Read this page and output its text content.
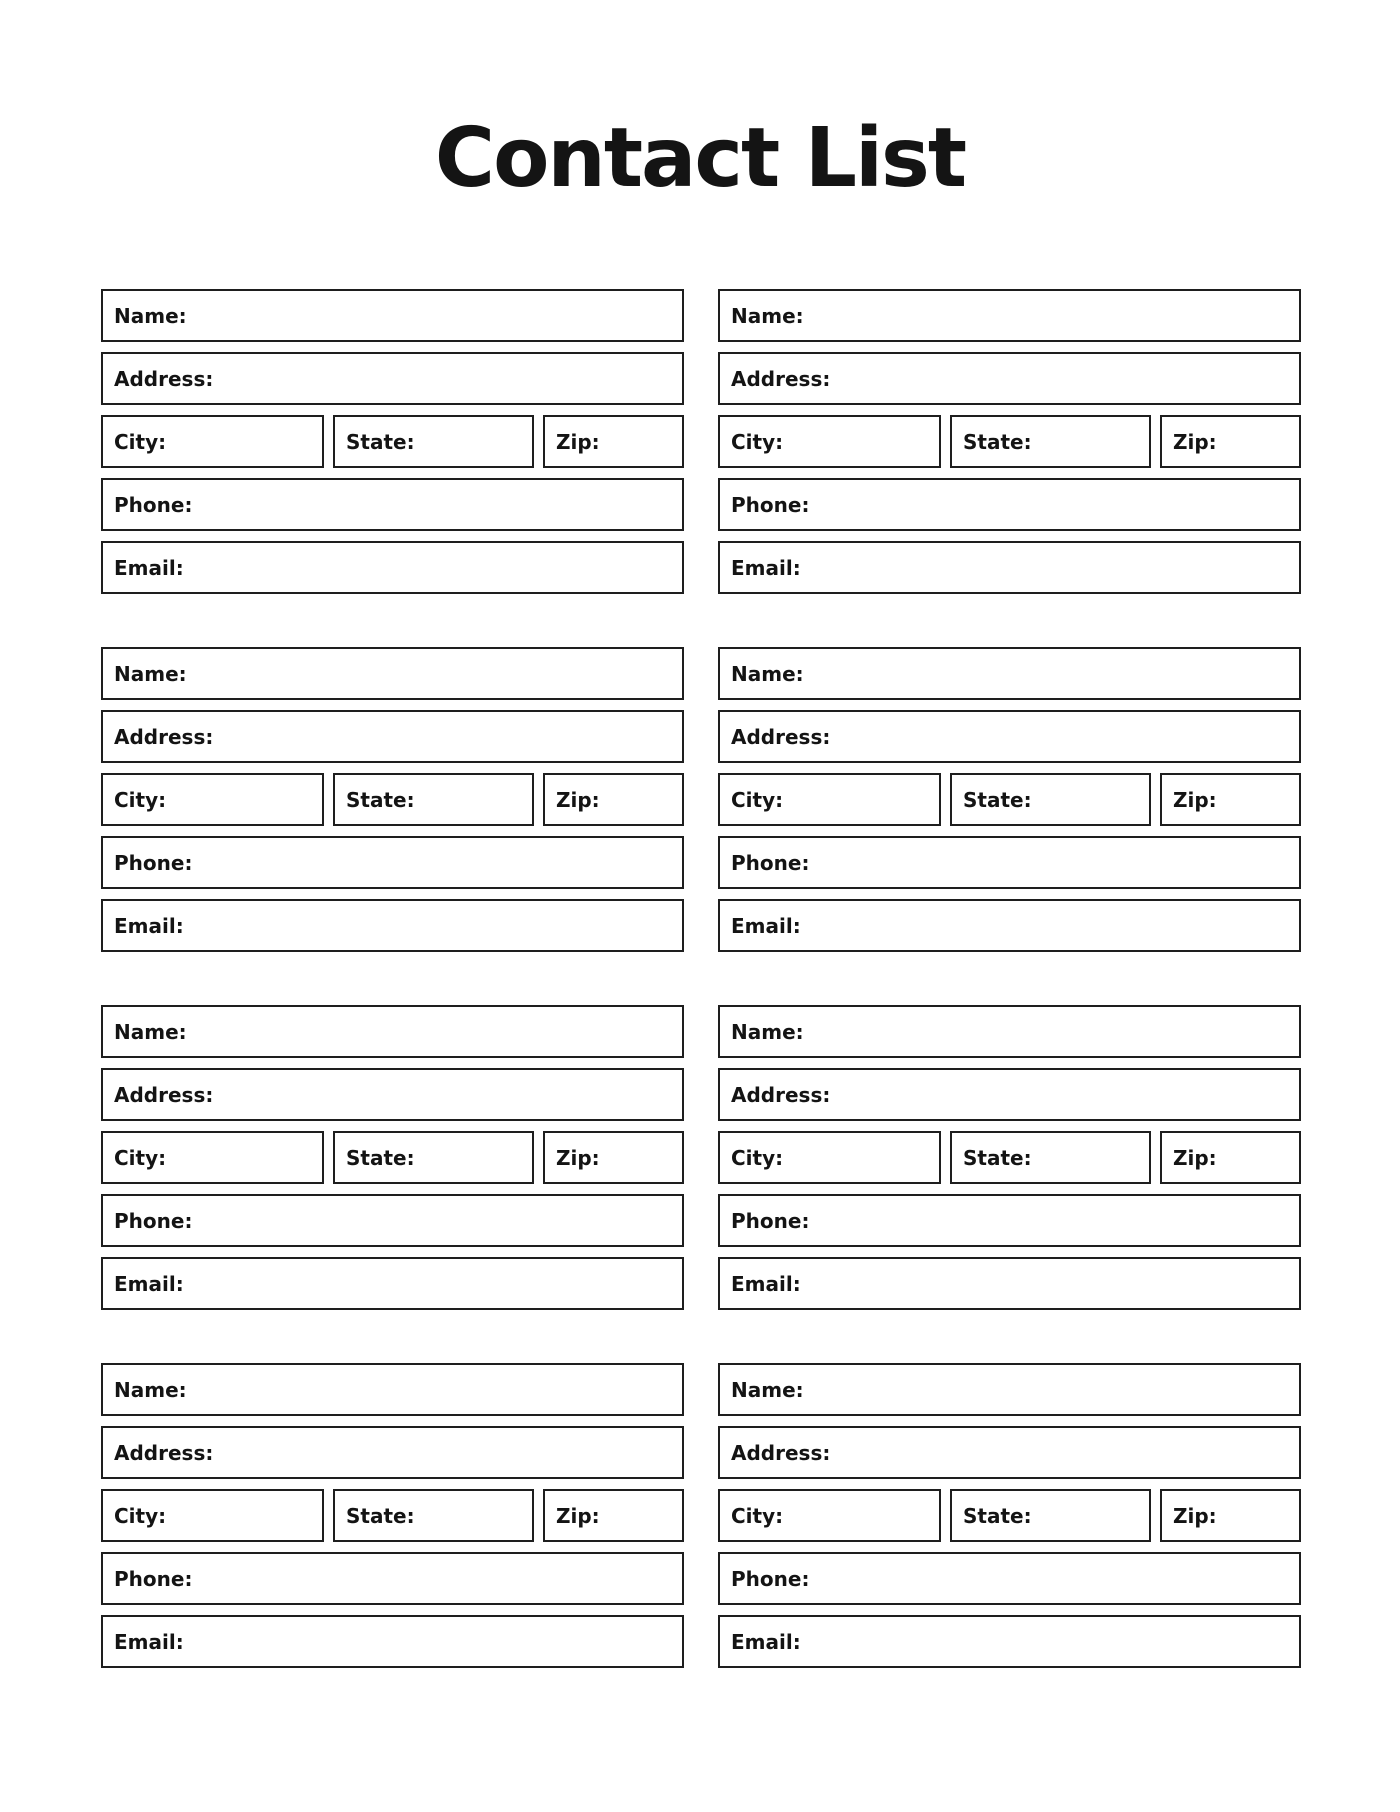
Contact List
Name:
Address:
City:	State:	Zip:
Phone:
Email:
Name:
Address:
City:	State:	Zip:
Phone:
Email:
Name:
Address:
City:	State:	Zip:
Phone:
Email:
Name:
Address:
City:	State:	Zip:
Phone:
Email:
Name:
Address:
City:	State:	Zip:
Phone:
Email:
Name:
Address:
City:	State:	Zip:
Phone:
Email:
Name:
Address:
City:	State:	Zip:
Phone:
Email:
Name:
Address:
City:	State:	Zip:
Phone:
Email:
